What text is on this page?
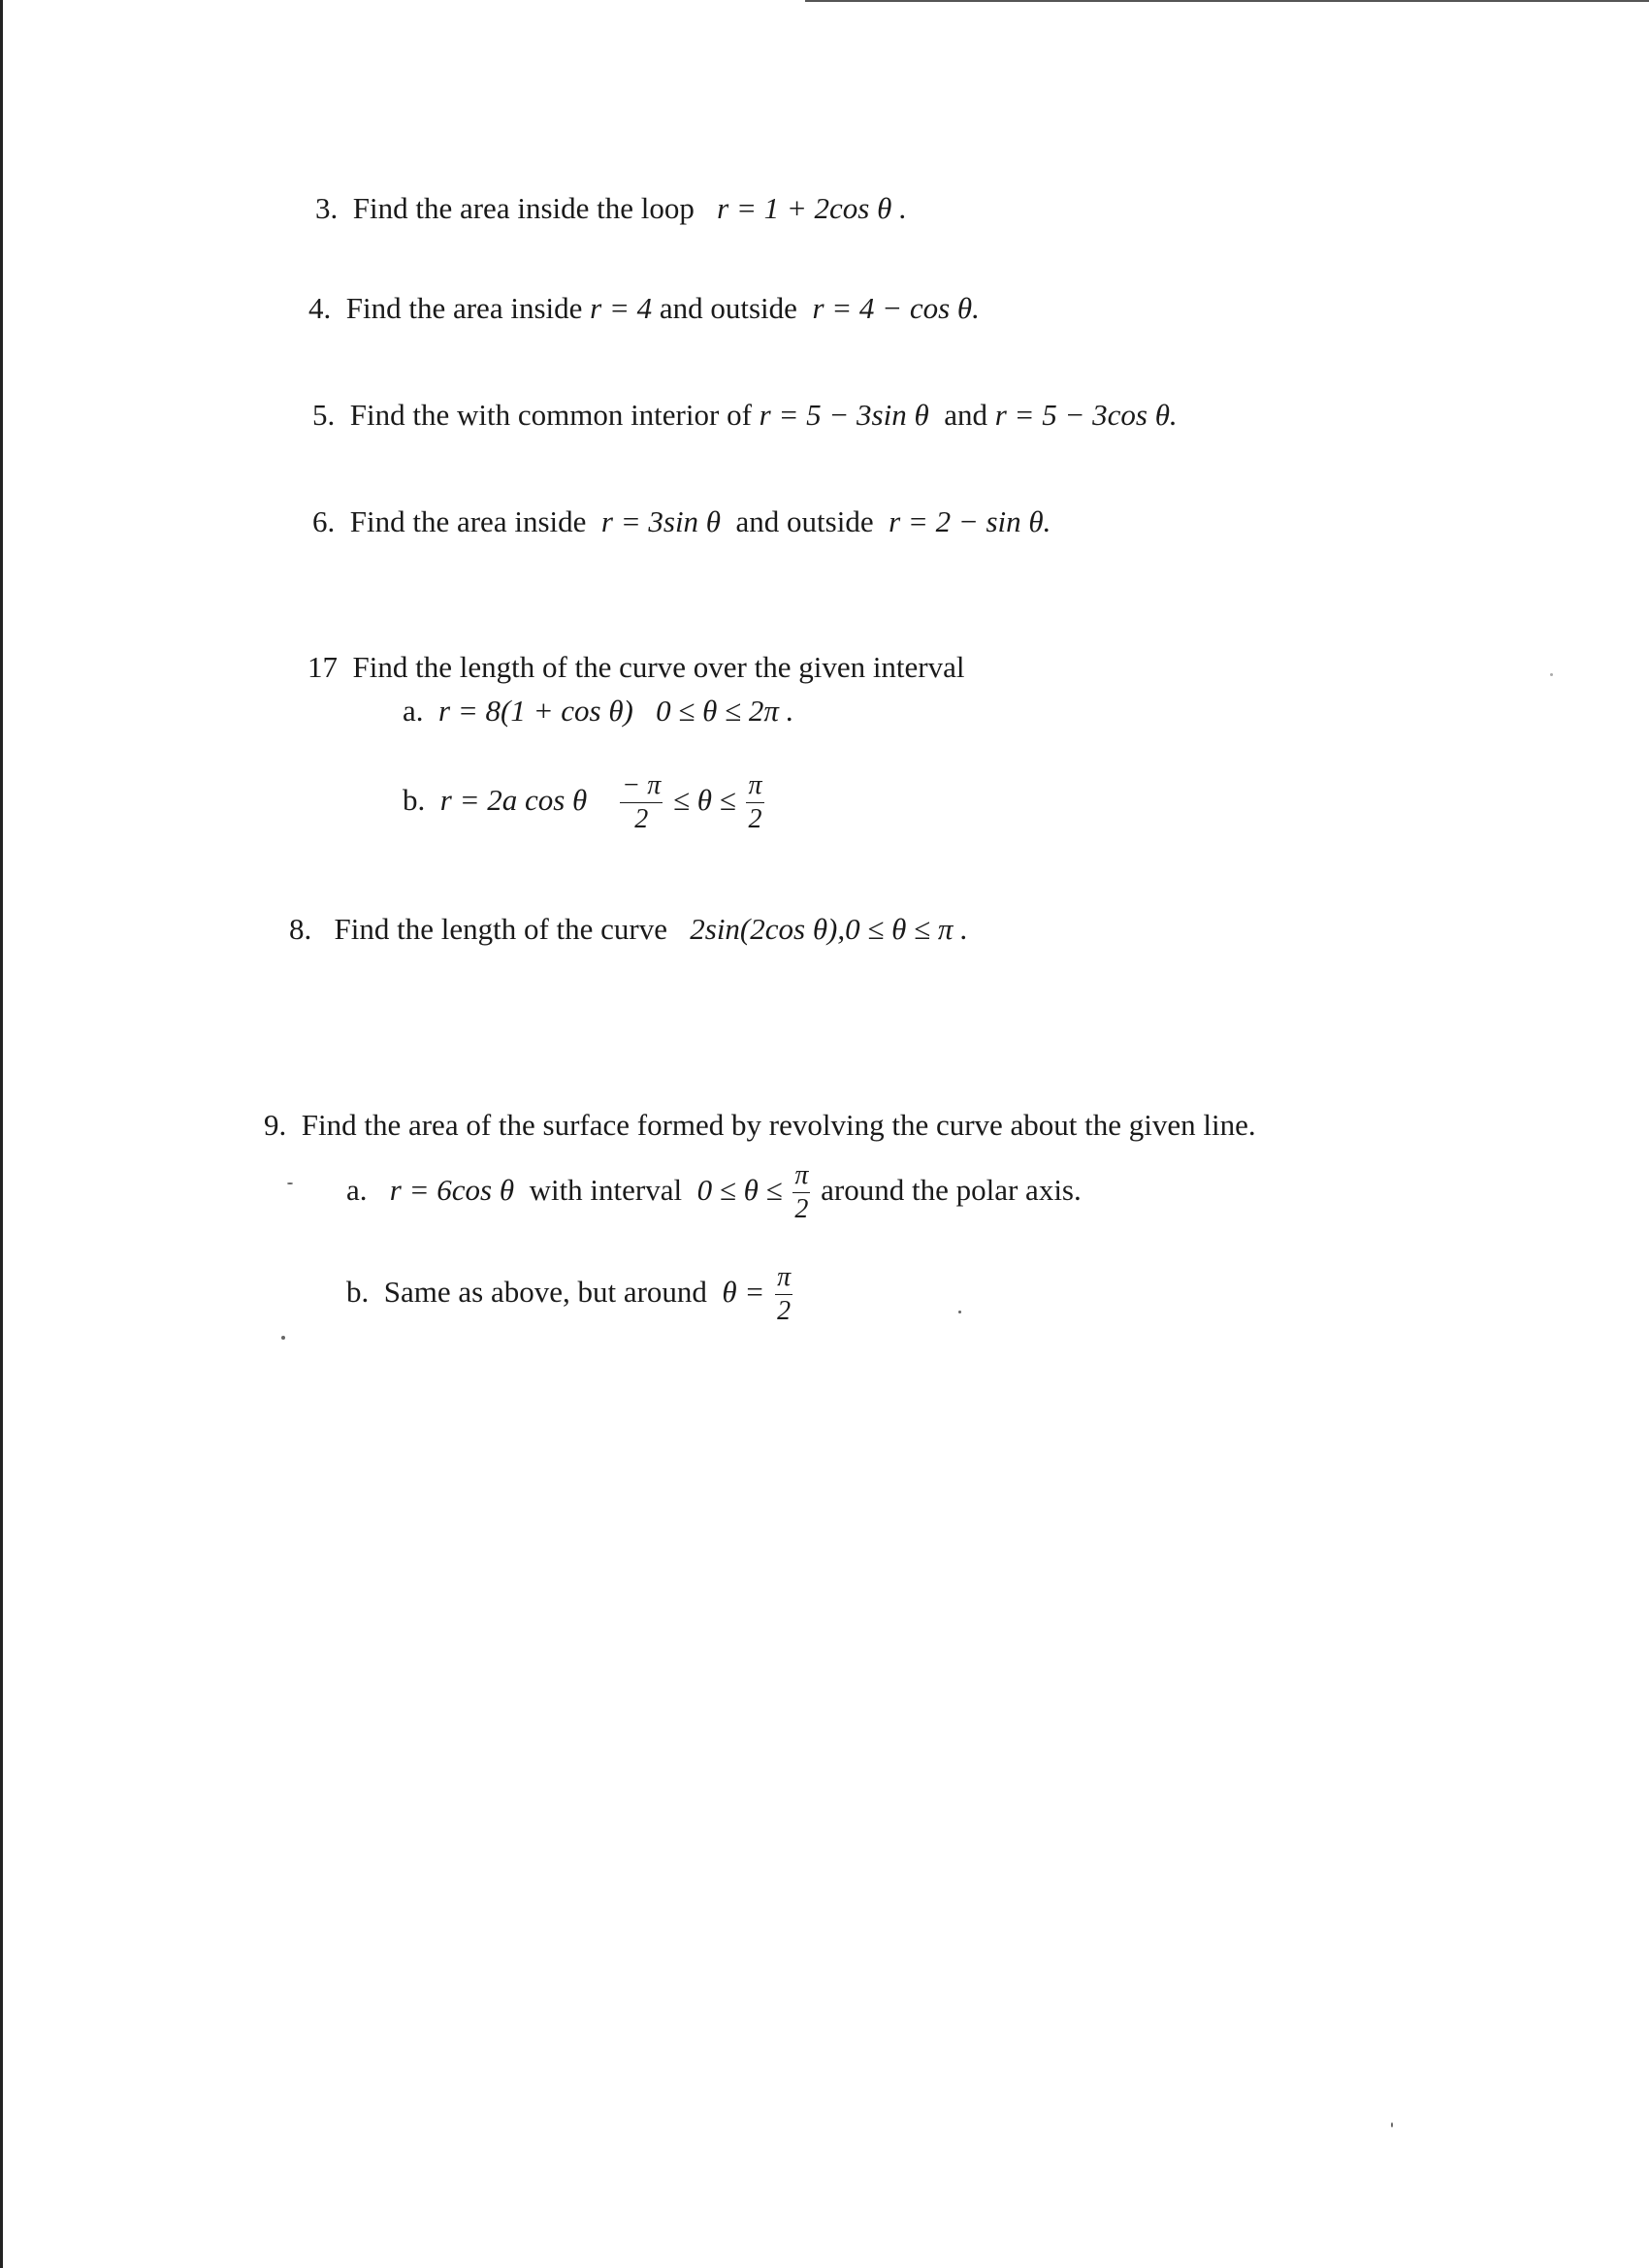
3. Find the area inside the loop r = 1 + 2cos θ .
4. Find the area inside r = 4 and outside r = 4 − cos θ.
5. Find the with common interior of r = 5 − 3sin θ and r = 5 − 3cos θ.
6. Find the area inside r = 3sin θ and outside r = 2 − sin θ.
17 Find the length of the curve over the given interval
a. r = 8(1 + cos θ) 0 ≤ θ ≤ 2π .
b. r = 2a cos θ $\frac{- \pi}{2} \le \theta \le \frac{\pi}{2}$
8. Find the length of the curve 2sin(2cos θ),0 ≤ θ ≤ π .
9. Find the area of the surface formed by revolving the curve about the given line.
a. r = 6cos θ with interval $0 \le \theta \le \frac{\pi}{2}$ around the polar axis.
b. Same as above, but around $\theta = \frac{\pi}{2}$
